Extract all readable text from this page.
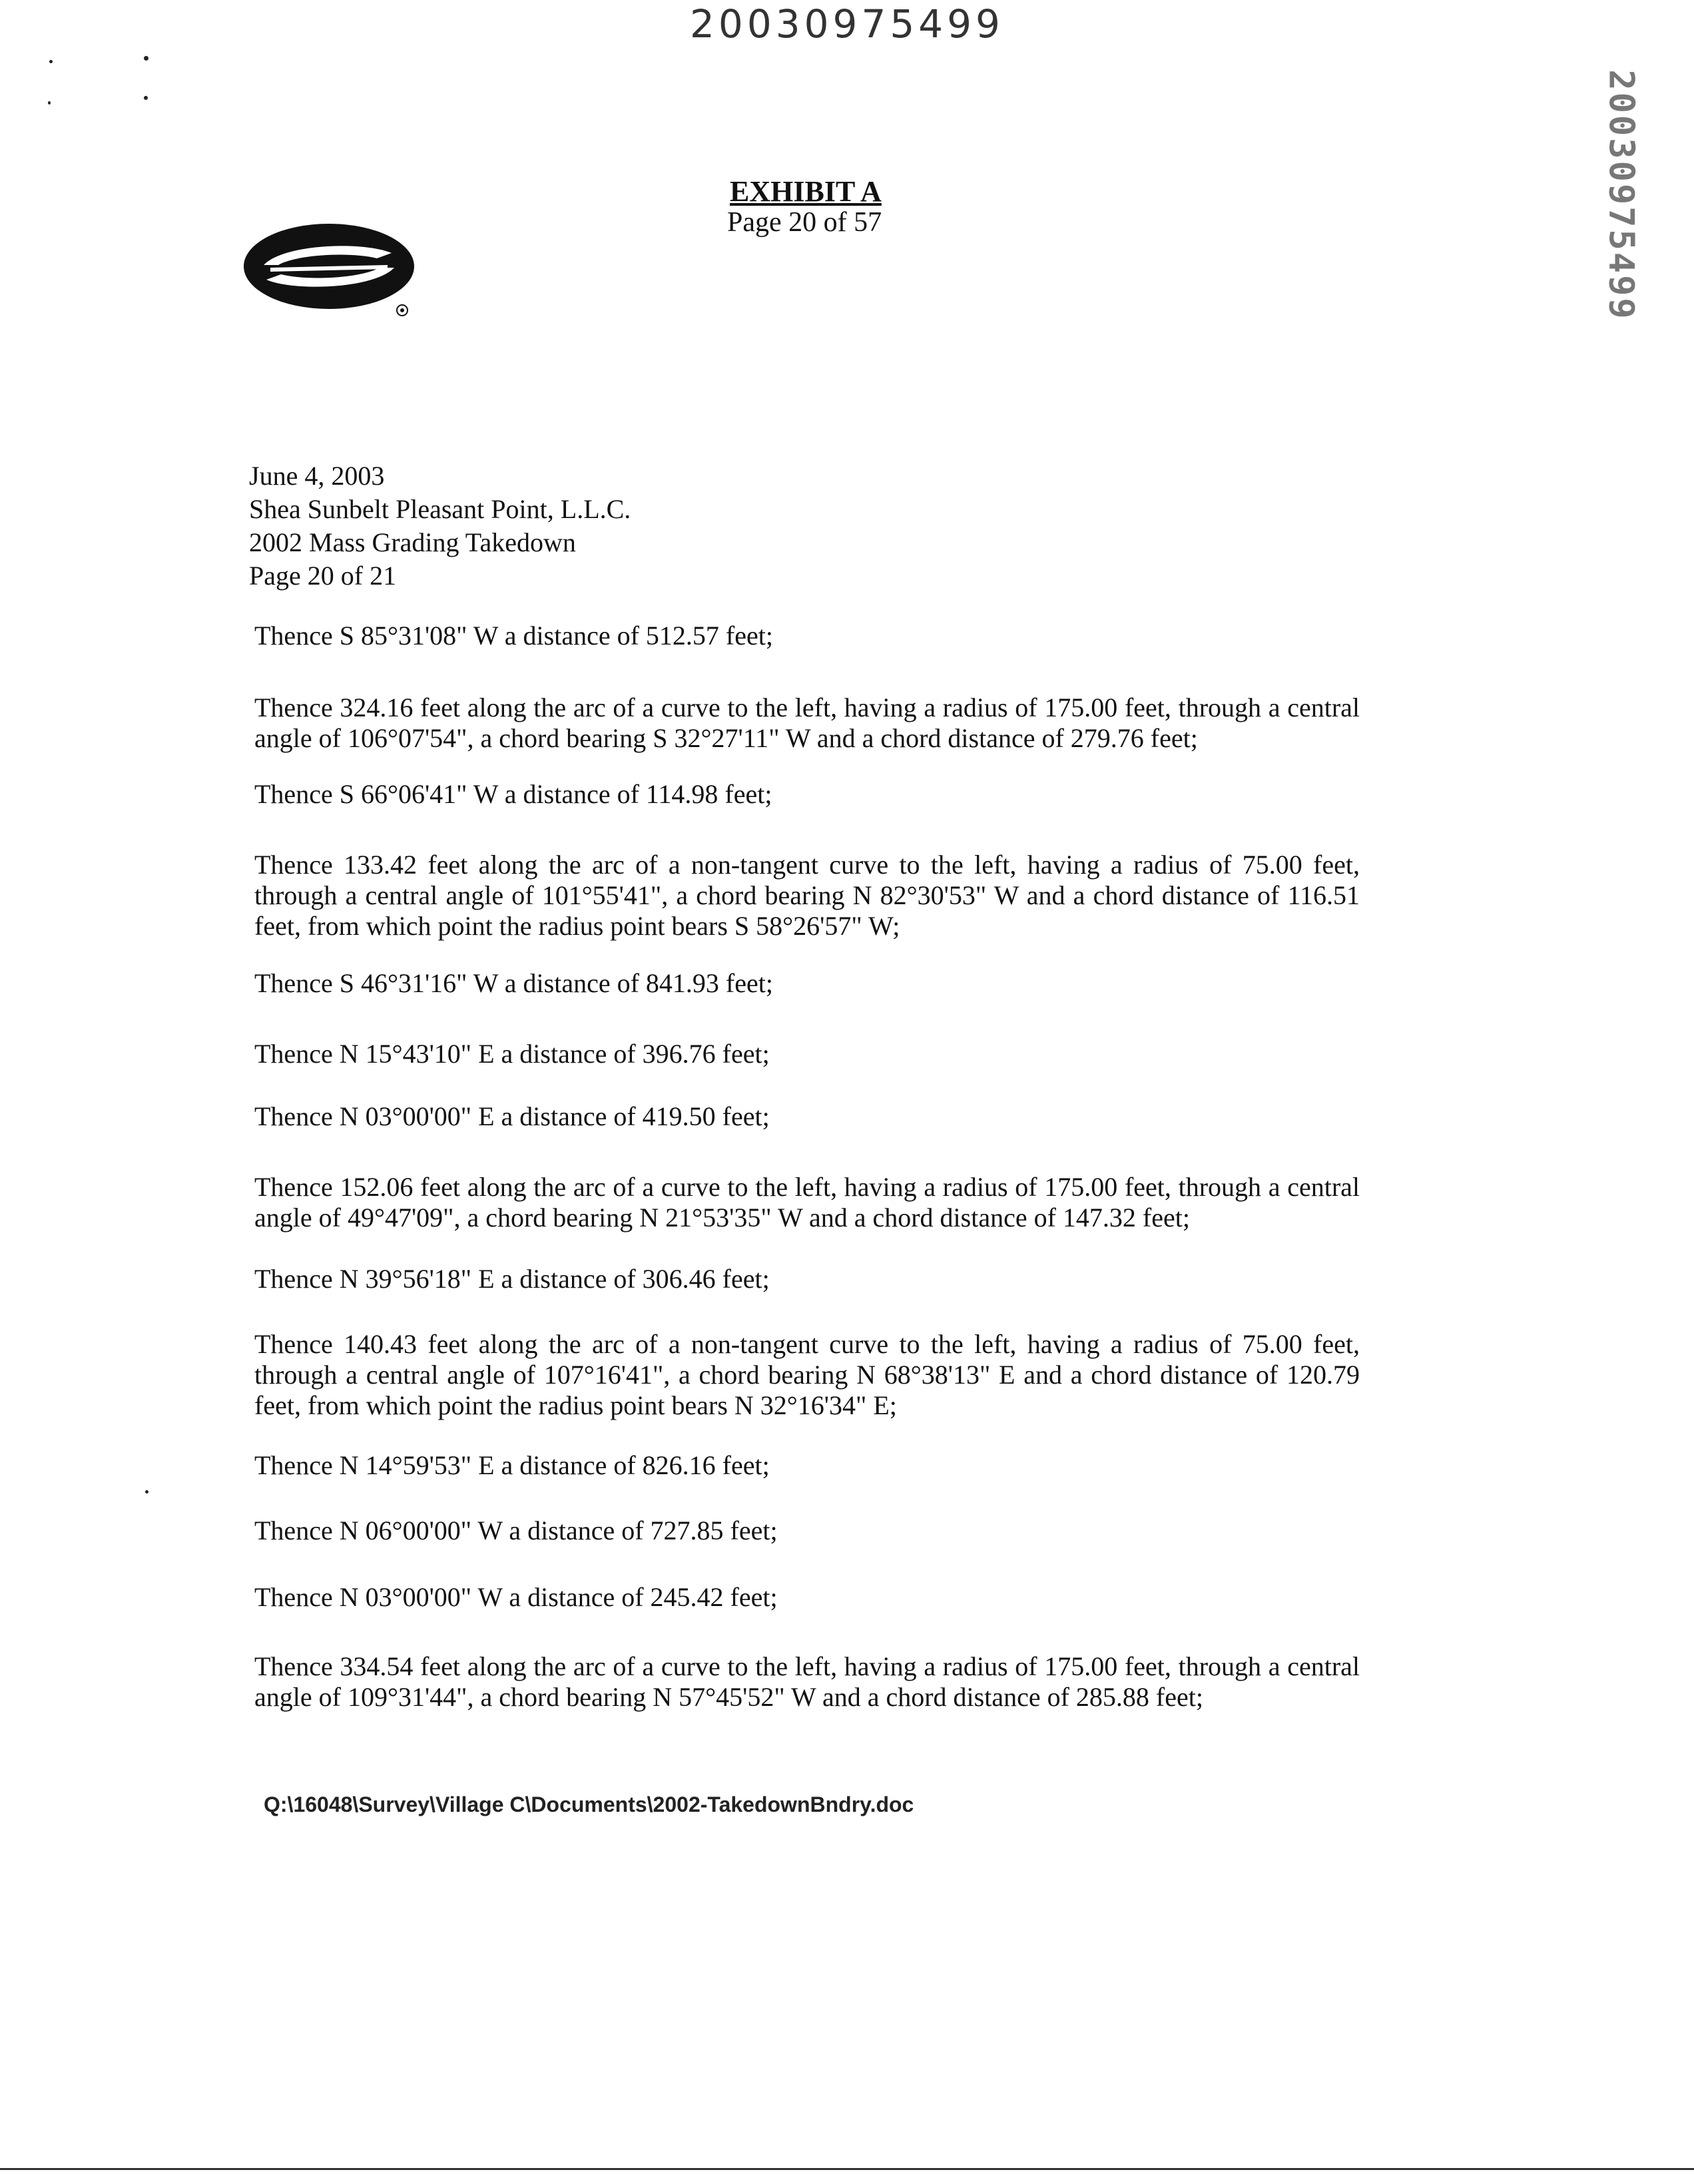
20030975499
20030975499
EXHIBIT A
Page 20 of 57
June 4, 2003
Shea Sunbelt Pleasant Point, L.L.C.
2002 Mass Grading Takedown
Page 20 of 21
Thence S 85°31'08" W a distance of 512.57 feet;
Thence 324.16 feet along the arc of a curve to the left, having a radius of 175.00 feet, through a central angle of 106°07'54", a chord bearing S 32°27'11" W and a chord distance of 279.76 feet;
Thence S 66°06'41" W a distance of 114.98 feet;
Thence 133.42 feet along the arc of a non-tangent curve to the left, having a radius of 75.00 feet, through a central angle of 101°55'41", a chord bearing N 82°30'53" W and a chord distance of 116.51 feet, from which point the radius point bears S 58°26'57" W;
Thence S 46°31'16" W a distance of 841.93 feet;
Thence N 15°43'10" E a distance of 396.76 feet;
Thence N 03°00'00" E a distance of 419.50 feet;
Thence 152.06 feet along the arc of a curve to the left, having a radius of 175.00 feet, through a central angle of 49°47'09", a chord bearing N 21°53'35" W and a chord distance of 147.32 feet;
Thence N 39°56'18" E a distance of 306.46 feet;
Thence 140.43 feet along the arc of a non-tangent curve to the left, having a radius of 75.00 feet, through a central angle of 107°16'41", a chord bearing N 68°38'13" E and a chord distance of 120.79 feet, from which point the radius point bears N 32°16'34" E;
Thence N 14°59'53" E a distance of 826.16 feet;
Thence N 06°00'00" W a distance of 727.85 feet;
Thence N 03°00'00" W a distance of 245.42 feet;
Thence 334.54 feet along the arc of a curve to the left, having a radius of 175.00 feet, through a central angle of 109°31'44", a chord bearing N 57°45'52" W and a chord distance of 285.88 feet;
Q:\16048\Survey\Village C\Documents\2002-TakedownBndry.doc
